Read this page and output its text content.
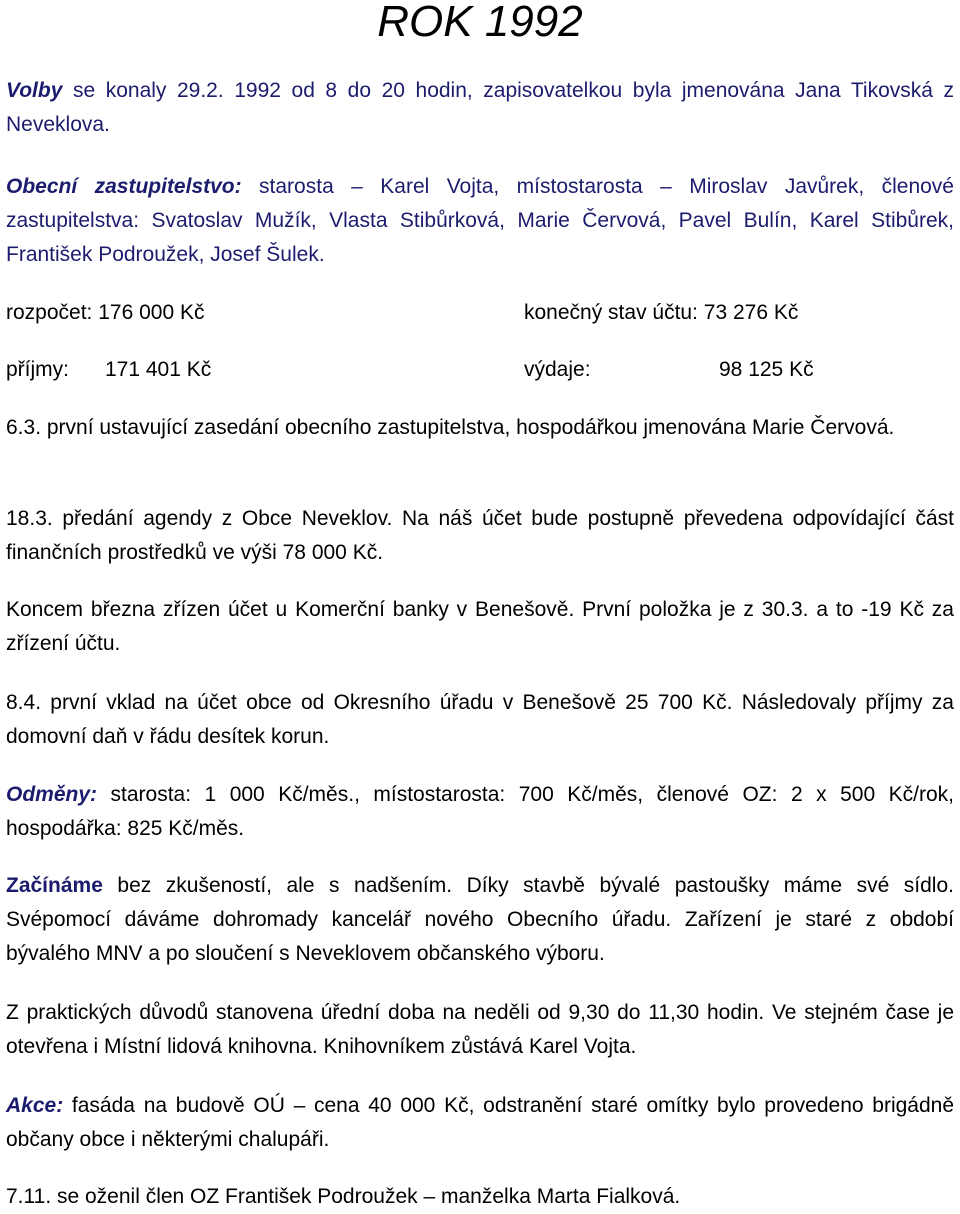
ROK 1992

Volby se konaly 29.2. 1992 od 8 do 20 hodin, zapisovatelkou byla jmenována Jana Tikovská z Neveklova.

Obecní zastupitelstvo: starosta – Karel Vojta, místostarosta – Miroslav Javůrek, členové zastupitelstva: Svatoslav Mužík, Vlasta Stibůrková, Marie Červová, Pavel Bulín, Karel Stibůrek, František Podroužek, Josef Šulek.

rozpočet: 176 000 Kč	konečný stav účtu: 73 276 Kč
příjmy: 171 401 Kč	výdaje:	98 125 Kč

6.3. první ustavující zasedání obecního zastupitelstva, hospodářkou jmenována Marie Červová.

18.3. předání agendy z Obce Neveklov. Na náš účet bude postupně převedena odpovídající část finančních prostředků ve výši 78 000 Kč.

Koncem března zřízen účet u Komerční banky v Benešově. První položka je z 30.3. a to -19 Kč za zřízení účtu.

8.4. první vklad na účet obce od Okresního úřadu v Benešově 25 700 Kč. Následovaly příjmy za domovní daň v řádu desítek korun.

Odměny: starosta: 1 000 Kč/měs., místostarosta: 700 Kč/měs, členové OZ: 2 x 500 Kč/rok, hospodářka: 825 Kč/měs.

Začínáme bez zkušeností, ale s nadšením. Díky stavbě bývalé pastoušky máme své sídlo. Svépomocí dáváme dohromady kancelář nového Obecního úřadu. Zařízení je staré z období bývalého MNV a po sloučení s Neveklovem občanského výboru.

Z praktických důvodů stanovena úřední doba na neděli od 9,30 do 11,30 hodin. Ve stejném čase je otevřena i Místní lidová knihovna. Knihovníkem zůstává Karel Vojta.

Akce: fasáda na budově OÚ – cena 40 000 Kč, odstranění staré omítky bylo provedeno brigádně občany obce i některými chalupáři.

7.11. se oženil člen OZ František Podroužek – manželka Marta Fialková.
